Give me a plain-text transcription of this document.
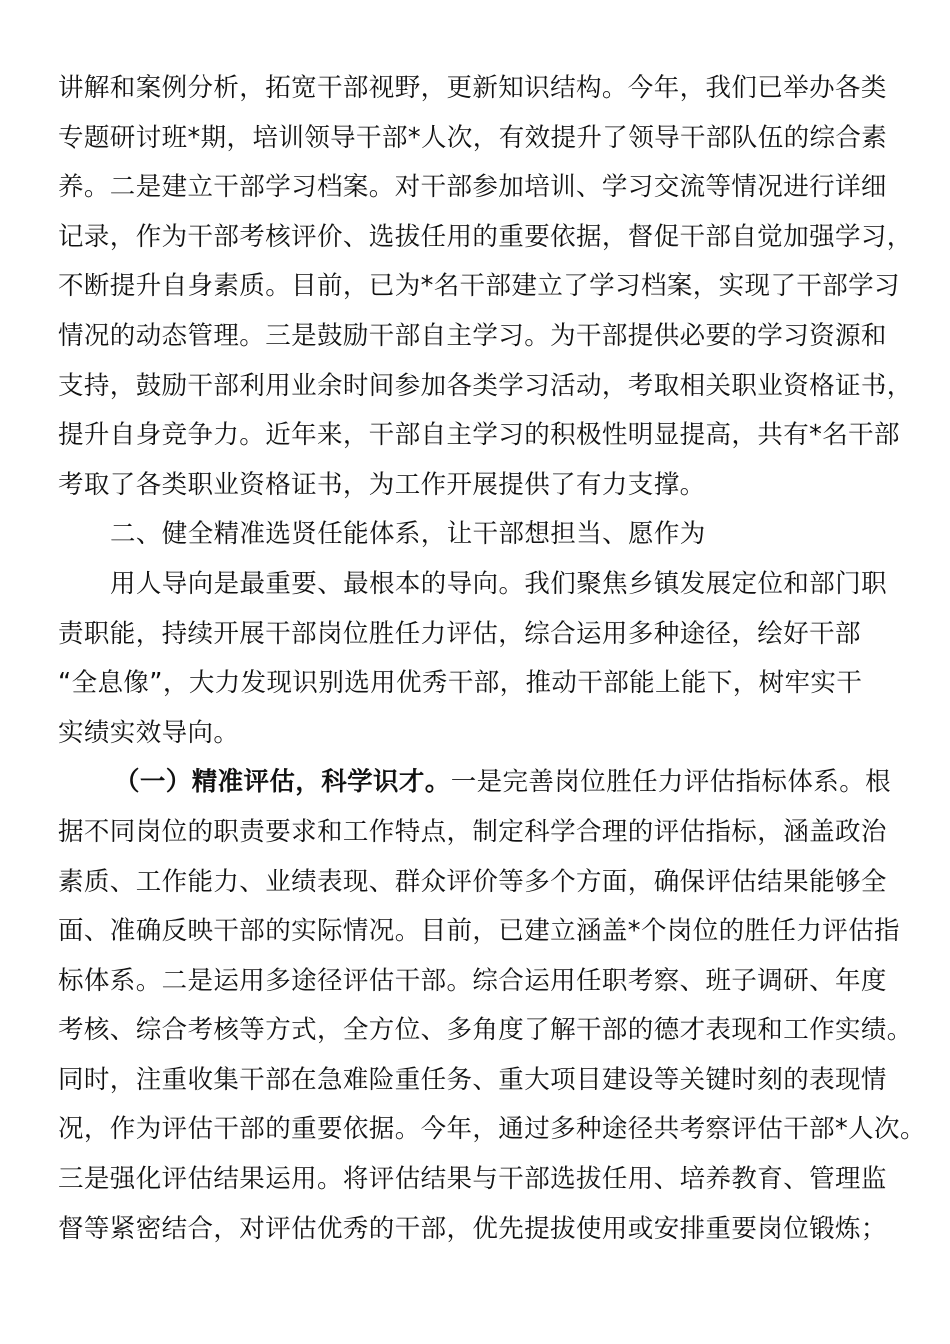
讲解和案例分析，拓宽干部视野，更新知识结构。今年，我们已举办各类
专题研讨班*期，培训领导干部*人次，有效提升了领导干部队伍的综合素
养。二是建立干部学习档案。对干部参加培训、学习交流等情况进行详细
记录，作为干部考核评价、选拔任用的重要依据，督促干部自觉加强学习，
不断提升自身素质。目前，已为*名干部建立了学习档案，实现了干部学习
情况的动态管理。三是鼓励干部自主学习。为干部提供必要的学习资源和
支持，鼓励干部利用业余时间参加各类学习活动，考取相关职业资格证书，
提升自身竞争力。近年来，干部自主学习的积极性明显提高，共有*名干部
考取了各类职业资格证书，为工作开展提供了有力支撑。
二、健全精准选贤任能体系，让干部想担当、愿作为
用人导向是最重要、最根本的导向。我们聚焦乡镇发展定位和部门职
责职能，持续开展干部岗位胜任力评估，综合运用多种途径，绘好干部
“全息像”，大力发现识别选用优秀干部，推动干部能上能下，树牢实干
实绩实效导向。
（一）精准评估，科学识才。一是完善岗位胜任力评估指标体系。根
据不同岗位的职责要求和工作特点，制定科学合理的评估指标，涵盖政治
素质、工作能力、业绩表现、群众评价等多个方面，确保评估结果能够全
面、准确反映干部的实际情况。目前，已建立涵盖*个岗位的胜任力评估指
标体系。二是运用多途径评估干部。综合运用任职考察、班子调研、年度
考核、综合考核等方式，全方位、多角度了解干部的德才表现和工作实绩。
同时，注重收集干部在急难险重任务、重大项目建设等关键时刻的表现情
况，作为评估干部的重要依据。今年，通过多种途径共考察评估干部*人次。
三是强化评估结果运用。将评估结果与干部选拔任用、培养教育、管理监
督等紧密结合，对评估优秀的干部，优先提拔使用或安排重要岗位锻炼；
